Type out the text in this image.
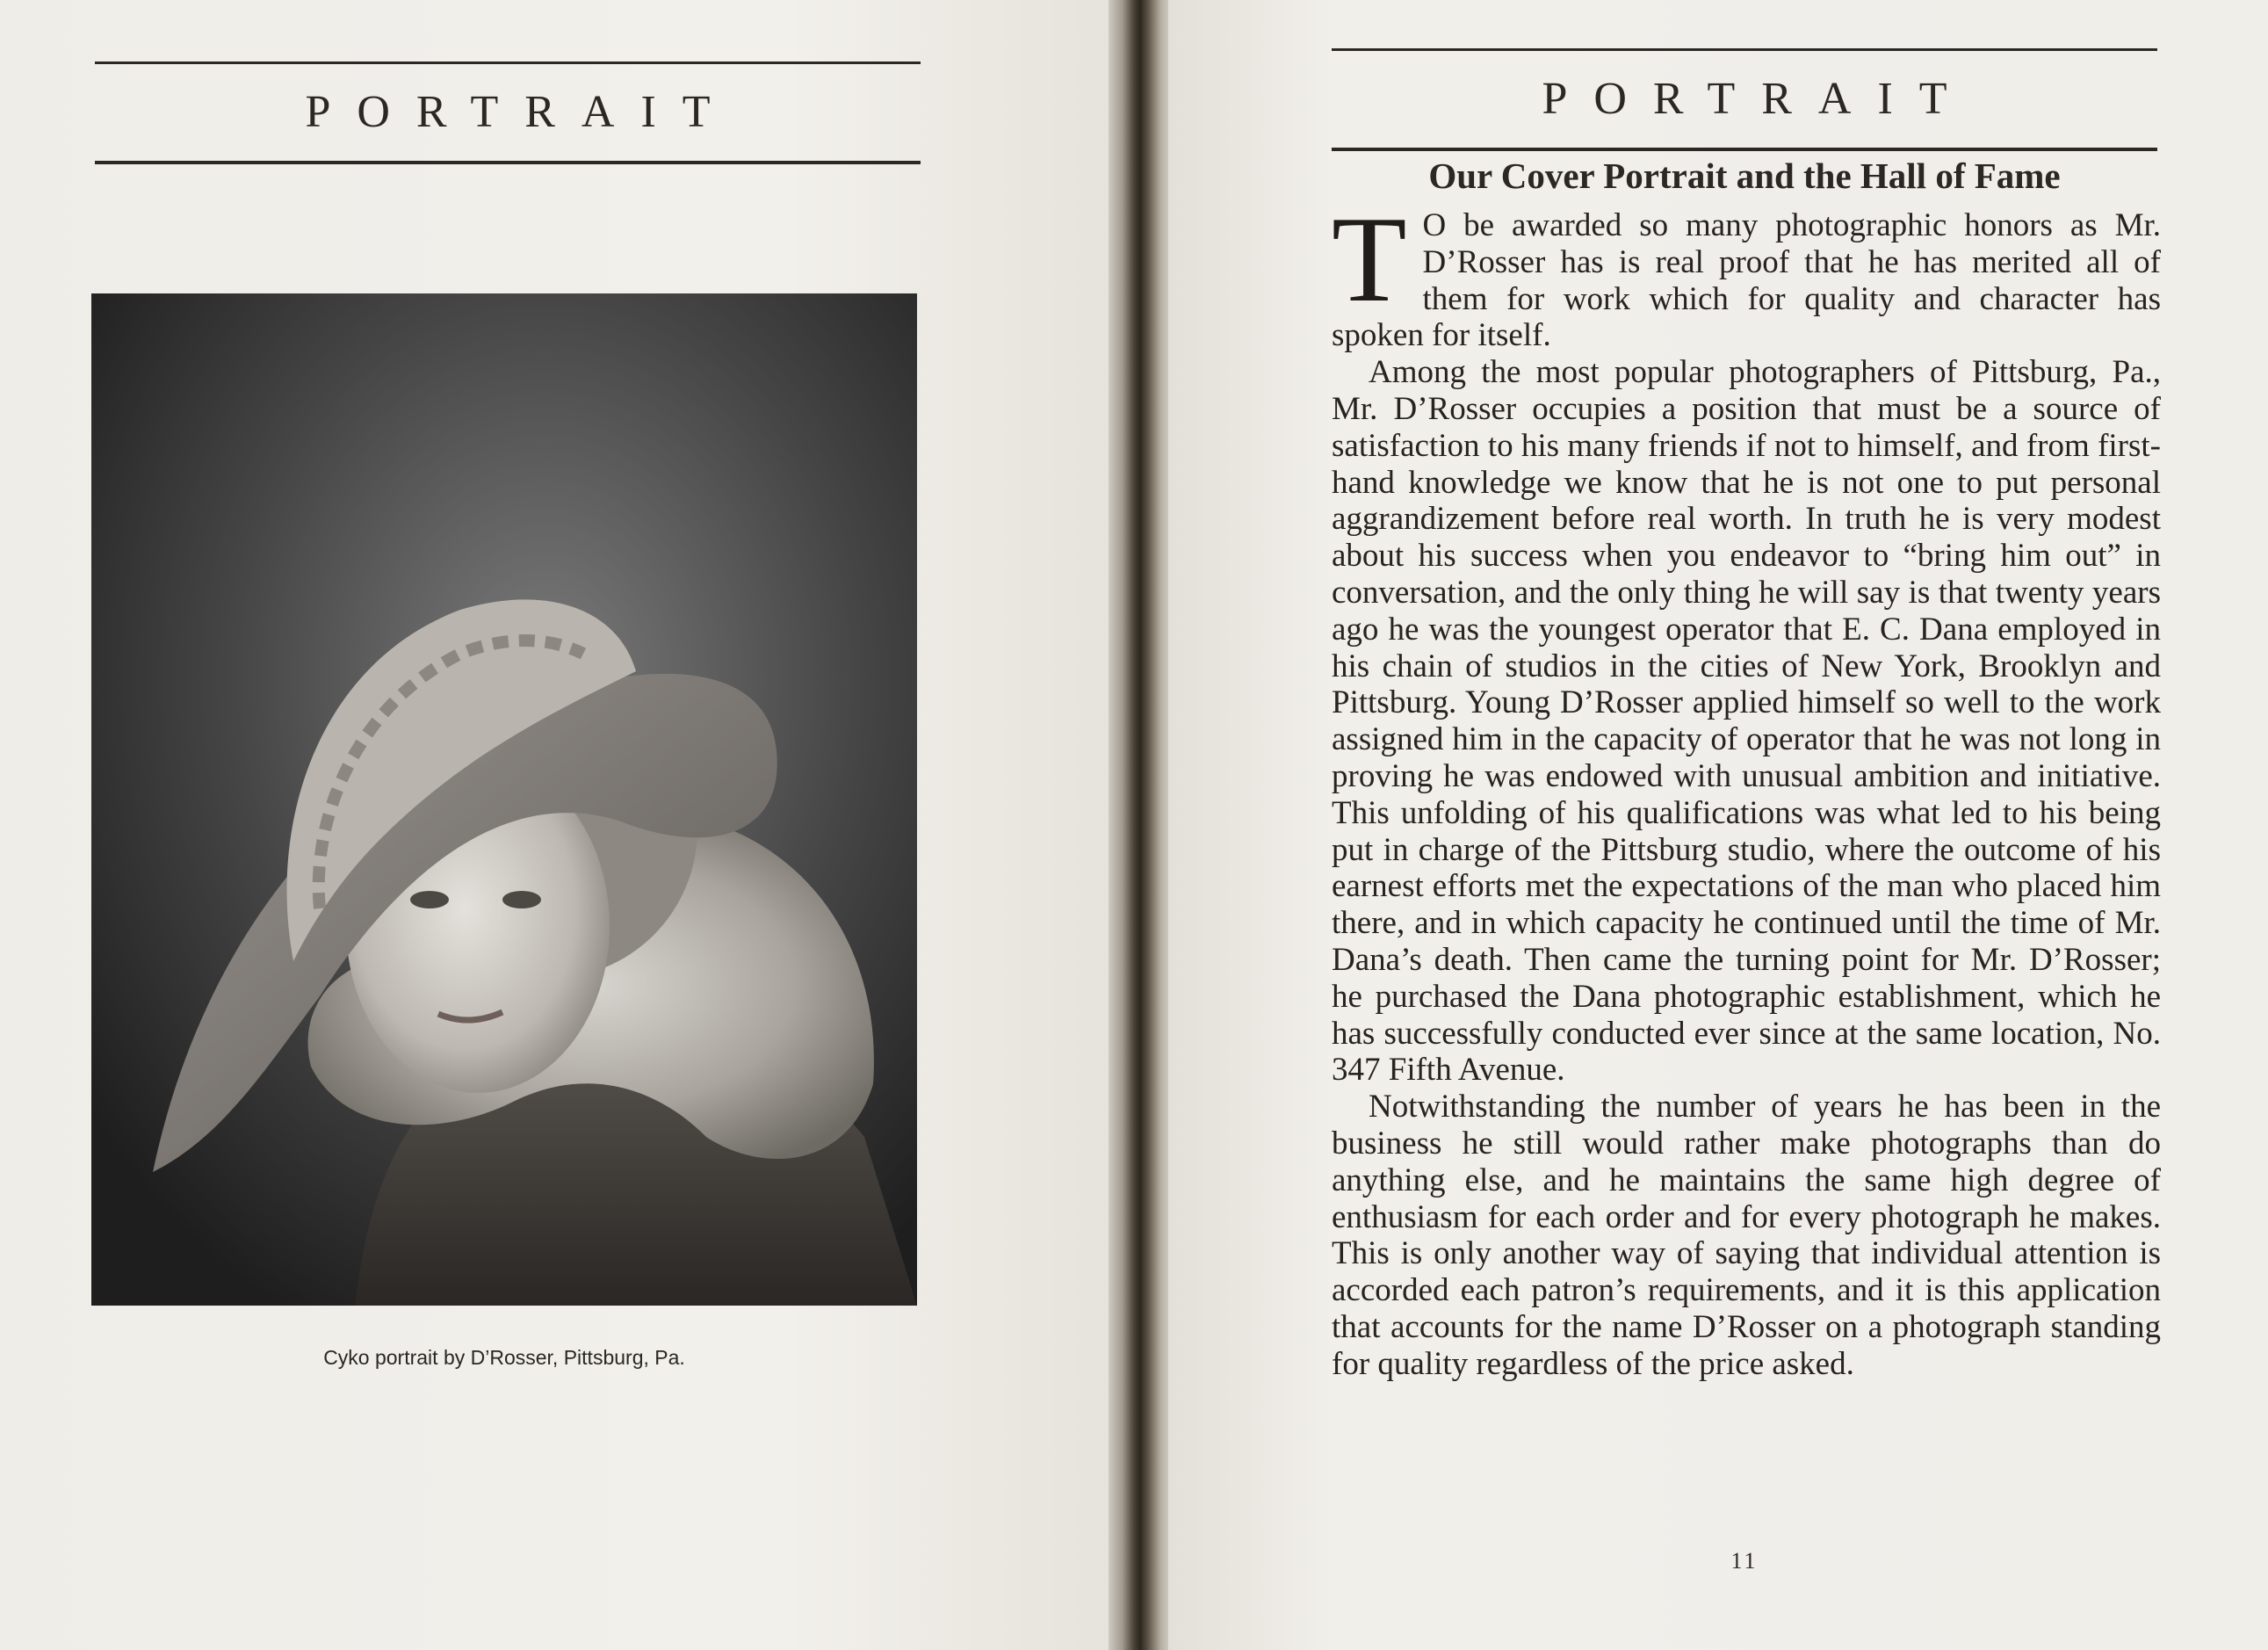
PORTRAIT
Cyko portrait by D’Rosser, Pittsburg, Pa.
PORTRAIT
Our Cover Portrait and the Hall of Fame

T O be awarded so many photographic honors as Mr. D’Rosser has is real proof that he has merited all of them for work which for quality and character has spoken for itself.

Among the most popular photographers of Pittsburg, Pa., Mr. D’Rosser occupies a position that must be a source of satisfaction to his many friends if not to himself, and from first-hand knowledge we know that he is not one to put personal aggrandizement before real worth. In truth he is very modest about his success when you endeavor to “bring him out” in conversation, and the only thing he will say is that twenty years ago he was the youngest operator that E. C. Dana employed in his chain of studios in the cities of New York, Brooklyn and Pittsburg. Young D’Rosser applied himself so well to the work assigned him in the capacity of operator that he was not long in proving he was endowed with unusual ambition and initiative. This unfolding of his qualifications was what led to his being put in charge of the Pittsburg studio, where the outcome of his earnest efforts met the expectations of the man who placed him there, and in which capacity he continued until the time of Mr. Dana’s death. Then came the turning point for Mr. D’Rosser; he purchased the Dana photographic establishment, which he has successfully conducted ever since at the same location, No. 347 Fifth Avenue.

Notwithstanding the number of years he has been in the business he still would rather make photographs than do anything else, and he maintains the same high degree of enthusiasm for each order and for every photograph he makes. This is only another way of saying that individual attention is accorded each patron’s requirements, and it is this application that accounts for the name D’Rosser on a photograph standing for quality regardless of the price asked.

11
